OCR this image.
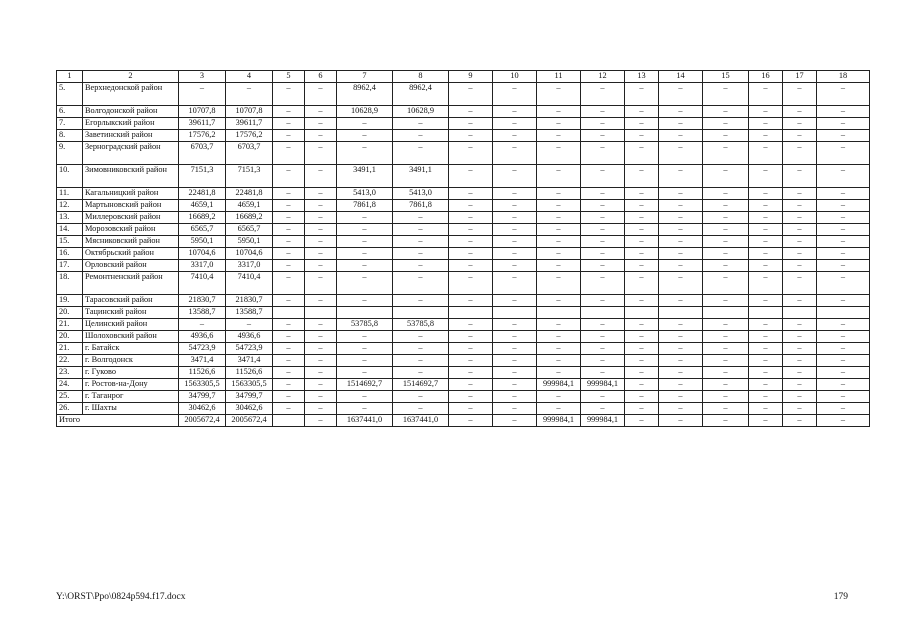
1	2	3	4	5	6	7	8	9	10	11	12	13	14	15	16	17	18
5.	Верхнедонской район	–	–	–	–	8962,4	8962,4	–	–	–	–	–	–	–	–	–	–
6.	Волгодонской район	10707,8	10707,8	–	–	10628,9	10628,9	–	–	–	–	–	–	–	–	–	–
7.	Егорлыкский район	39611,7	39611,7	–	–	–	–	–	–	–	–	–	–	–	–	–	–
8.	Заветинский район	17576,2	17576,2	–	–	–	–	–	–	–	–	–	–	–	–	–	–
9.	Зерноградский район	6703,7	6703,7	–	–	–	–	–	–	–	–	–	–	–	–	–	–
10.	Зимовниковский район	7151,3	7151,3	–	–	3491,1	3491,1	–	–	–	–	–	–	–	–	–	–
11.	Кагальницкий район	22481,8	22481,8	–	–	5413,0	5413,0	–	–	–	–	–	–	–	–	–	–
12.	Мартыновский район	4659,1	4659,1	–	–	7861,8	7861,8	–	–	–	–	–	–	–	–	–	–
13.	Миллеровский район	16689,2	16689,2	–	–	–	–	–	–	–	–	–	–	–	–	–	–
14.	Морозовский район	6565,7	6565,7	–	–	–	–	–	–	–	–	–	–	–	–	–	–
15.	Мясниковский район	5950,1	5950,1	–	–	–	–	–	–	–	–	–	–	–	–	–	–
16.	Октябрьский район	10704,6	10704,6	–	–	–	–	–	–	–	–	–	–	–	–	–	–
17.	Орловский район	3317,0	3317,0	–	–	–	–	–	–	–	–	–	–	–	–	–	–
18.	Ремонтненский район	7410,4	7410,4	–	–	–	–	–	–	–	–	–	–	–	–	–	–
19.	Тарасовский район	21830,7	21830,7	–	–	–	–	–	–	–	–	–	–	–	–	–	–
20.	Тацинский район	13588,7	13588,7														
21.	Целинский район	–	–	–	–	53785,8	53785,8	–	–	–	–	–	–	–	–	–	–
20.	Шолоховский район	4936,6	4936,6	–	–	–	–	–	–	–	–	–	–	–	–	–	–
21.	г. Батайск	54723,9	54723,9	–	–	–	–	–	–	–	–	–	–	–	–	–	–
22.	г. Волгодонск	3471,4	3471,4	–	–	–	–	–	–	–	–	–	–	–	–	–	–
23.	г. Гуково	11526,6	11526,6	–	–	–	–	–	–	–	–	–	–	–	–	–	–
24.	г. Ростов-на-Дону	1563305,5	1563305,5	–	–	1514692,7	1514692,7	–	–	999984,1	999984,1	–	–	–	–	–	–
25.	г. Таганрог	34799,7	34799,7	–	–	–	–	–	–	–	–	–	–	–	–	–	–
26.	г. Шахты	30462,6	30462,6	–	–	–	–	–	–	–	–	–	–	–	–	–	–
Итого		2005672,4	2005672,4		–	1637441,0	1637441,0	–	–	999984,1	999984,1	–	–	–	–	–	–
Y:\ORST\Ppo\0824p594.f17.docx	179
